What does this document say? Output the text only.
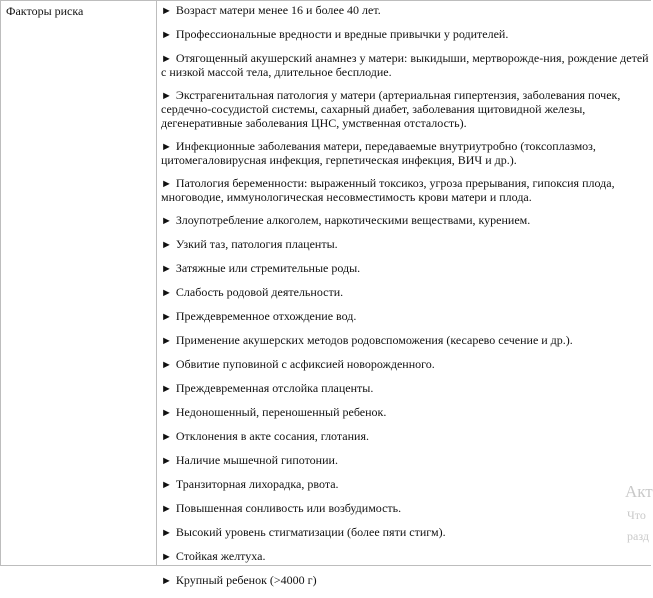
Факторы риска	► Возраст матери менее 16 и более 40 лет.
► Профессиональные вредности и вредные привычки у родителей.
► Отягощенный акушерский анамнез у матери: выкидыши, мертворожде-ния, рождение детей с низкой массой тела, длительное бесплодие.
► Экстрагенитальная патология у матери (артериальная гипертензия, заболевания почек, сердечно-сосудистой системы, сахарный диабет, заболевания щитовидной железы, дегенеративные заболевания ЦНС, умственная отсталость).
► Инфекционные заболевания матери, передаваемые внутриутробно (токсоплазмоз, цитомегаловирусная инфекция, герпетическая инфекция, ВИЧ и др.).
► Патология беременности: выраженный токсикоз, угроза прерывания, гипоксия плода, многоводие, иммунологическая несовместимость крови матери и плода.
► Злоупотребление алкоголем, наркотическими веществами, курением.
► Узкий таз, патология плаценты.
► Затяжные или стремительные роды.
► Слабость родовой деятельности.
► Преждевременное отхождение вод.
► Применение акушерских методов родовспоможения (кесарево сечение и др.).
► Обвитие пуповиной с асфиксией новорожденного.
► Преждевременная отслойка плаценты.
► Недоношенный, переношенный ребенок.
► Отклонения в акте сосания, глотания.
► Наличие мышечной гипотонии.
► Транзиторная лихорадка, рвота.
► Повышенная сонливость или возбудимость.
► Высокий уровень стигматизации (более пяти стигм).
► Стойкая желтуха.
► Крупный ребенок (>4000 г)
Акт
Что
разд
